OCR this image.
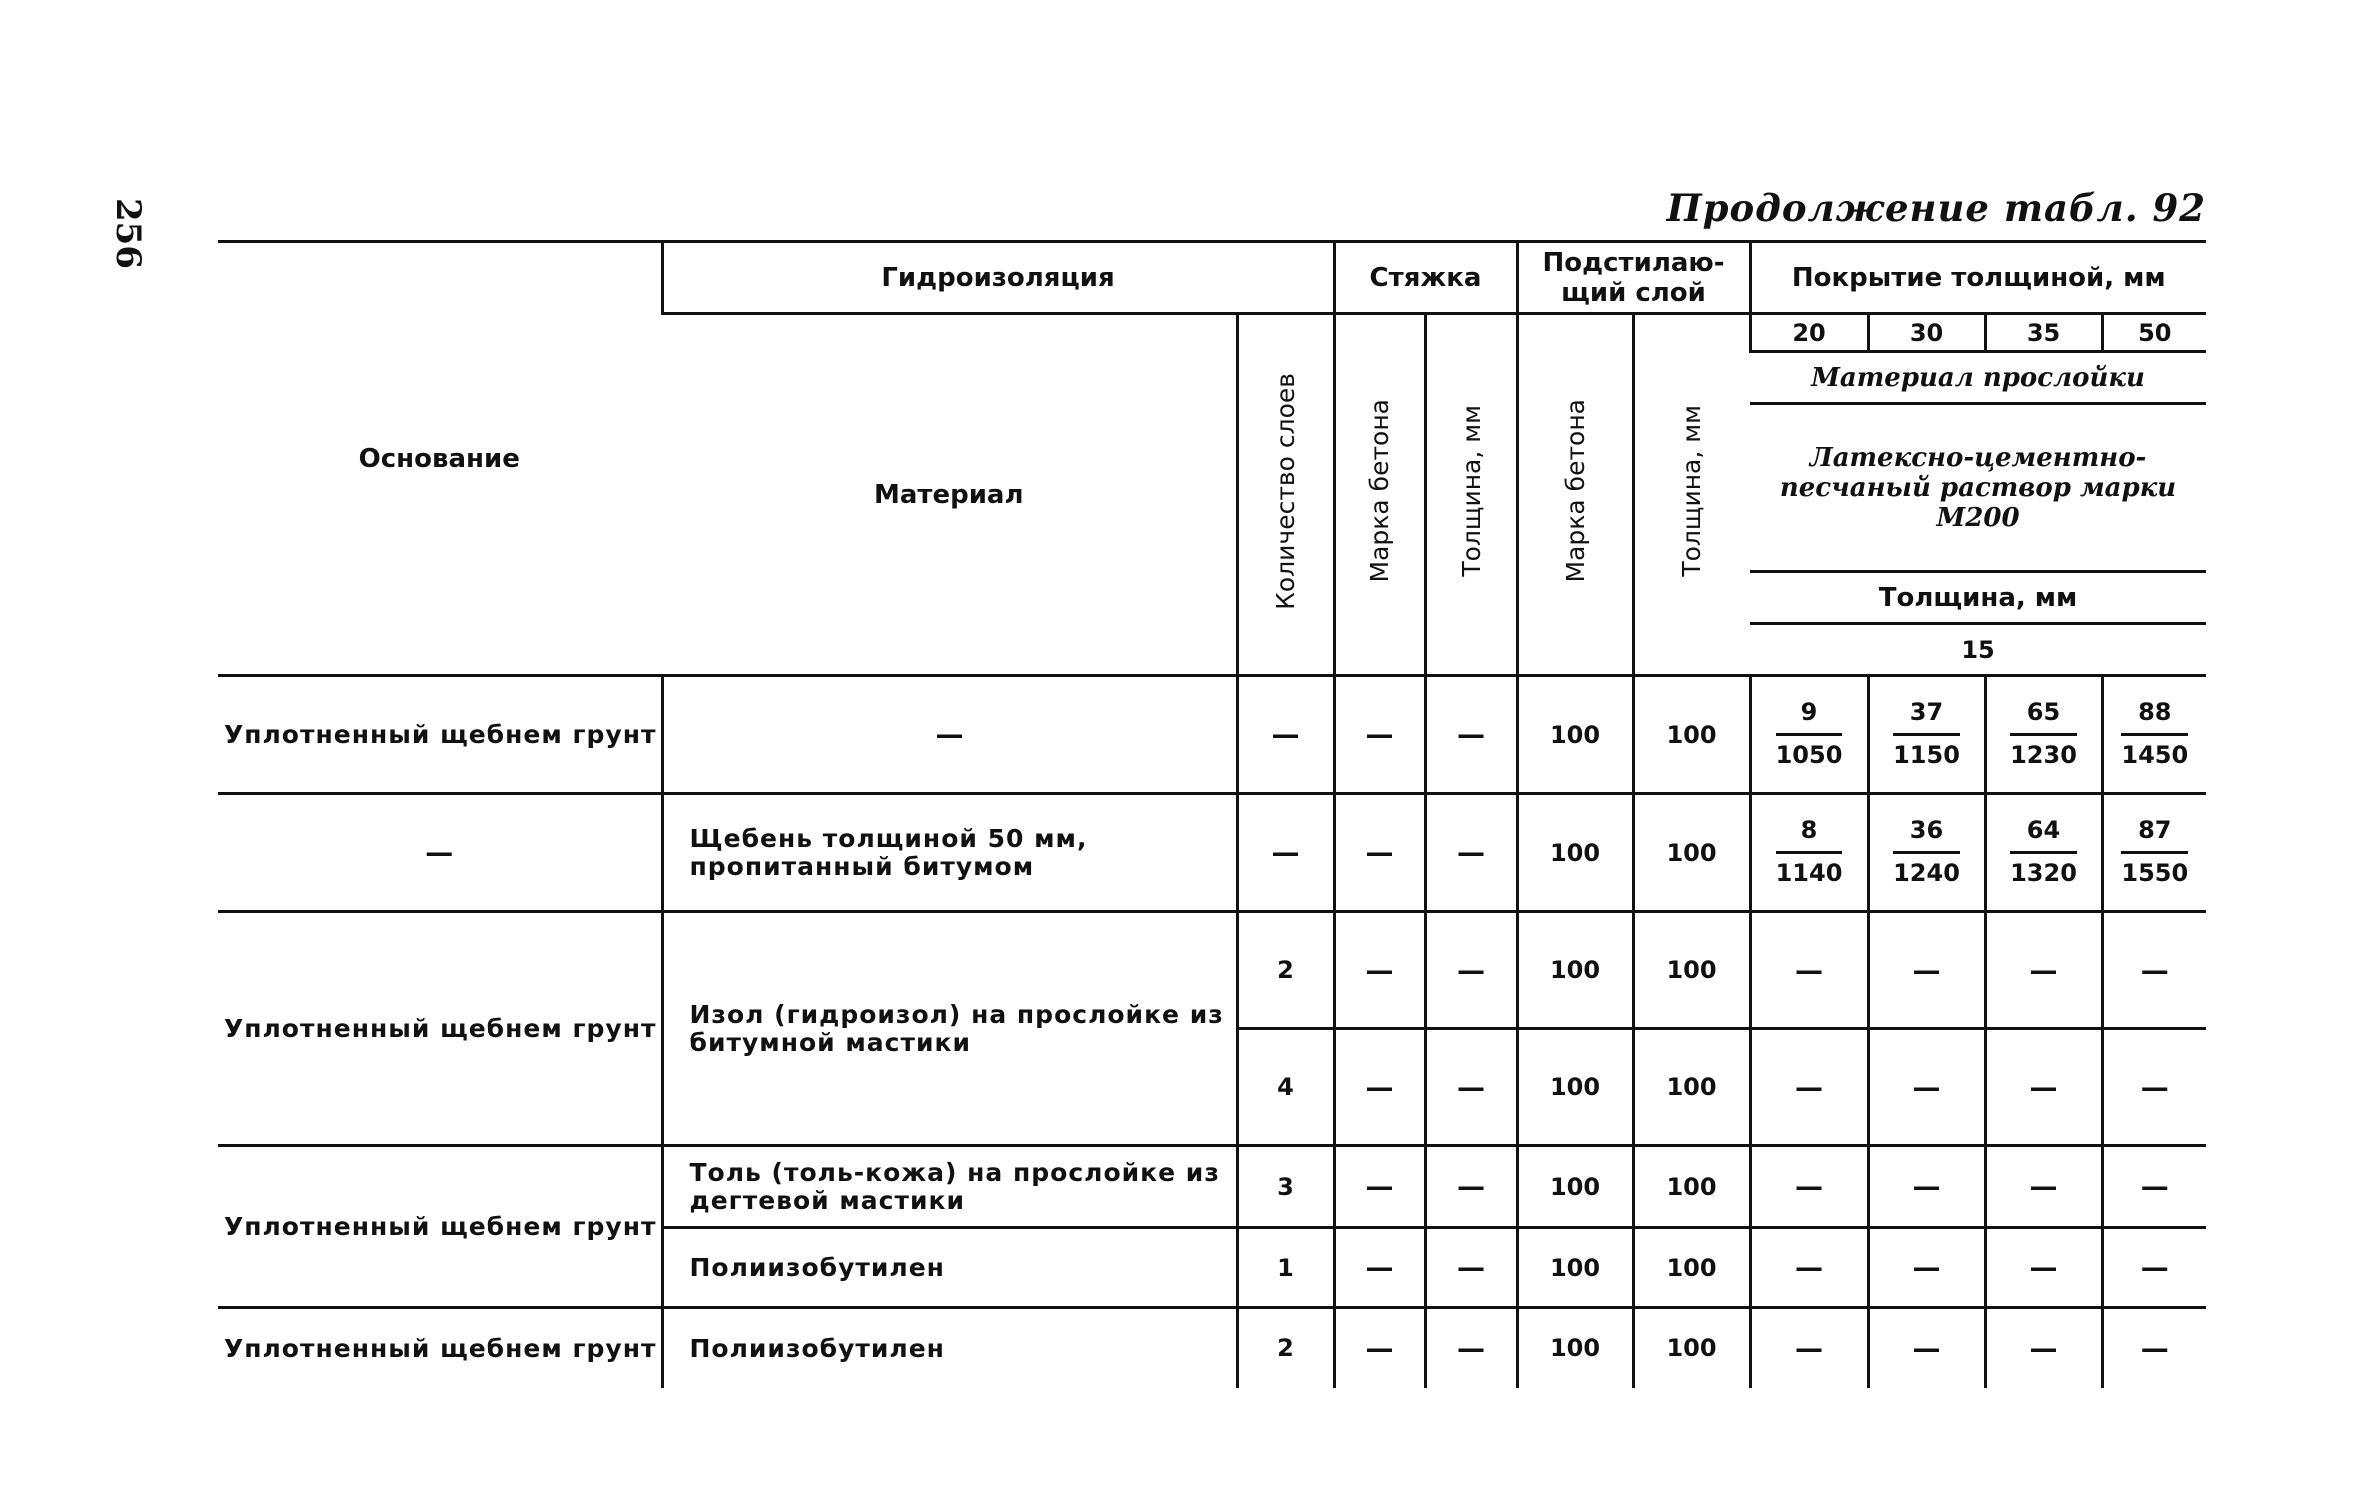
256	Продолжение табл. 92
Основание	Гидроизоляция		Стяжка		Подстилаю-щий слой		Покрытие толщиной, мм			
	Материал	Количество слоев	Марка бетона	Толщина, мм	Марка бетона	Толщина, мм	20	30	35	50
							Материал прослойки			
							Латексно-цементно-песчаный раствор марки М200			
							Толщина, мм			
							15			

Уплотненный щебнем грунт	—	—	—	—	100	100	$\frac{9}{1050}$	$\frac{37}{1150}$	$\frac{65}{1230}$	$\frac{88}{1450}$

—	Щебень толщиной 50 мм, пропитанный битумом	—	—	—	100	100	$\frac{8}{1140}$	$\frac{36}{1240}$	$\frac{64}{1320}$	$\frac{87}{1550}$

Уплотненный щебнем грунт	Изол (гидроизол) на прослойке из битумной мастики	2	—	—	100	100	—	—	—	—
		4	—	—	100	100	—	—	—	—
Уплотненный щебнем грунт	Толь (толь-кожа) на прослойке из дегтевой мастики	3	—	—	100	100	—	—	—	—
	Полиизобутилен	1	—	—	100	100	—	—	—	—
Уплотненный щебнем грунт	Полиизобутилен	2	—	—	100	100	—	—	—	—
